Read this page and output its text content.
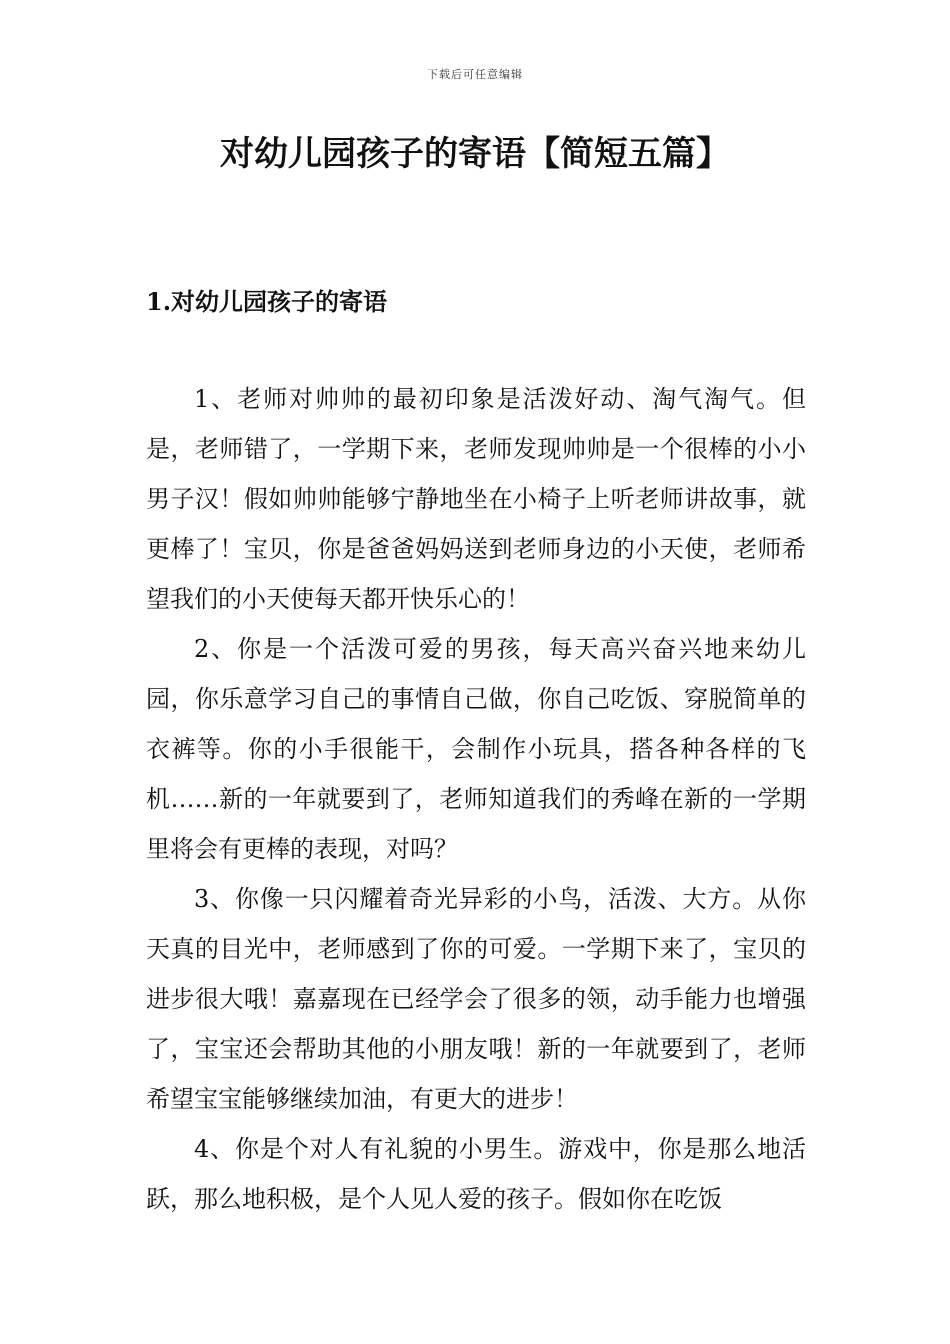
下载后可任意编辑
对幼儿园孩子的寄语【简短五篇】
1.对幼儿园孩子的寄语

1、老师对帅帅的最初印象是活泼好动、淘气淘气。但是，老师错了，一学期下来，老师发现帅帅是一个很棒的小小男子汉！假如帅帅能够宁静地坐在小椅子上听老师讲故事，就更棒了！宝贝，你是爸爸妈妈送到老师身边的小天使，老师希望我们的小天使每天都开快乐心的！

2、你是一个活泼可爱的男孩，每天高兴奋兴地来幼儿园，你乐意学习自己的事情自己做，你自己吃饭、穿脱简单的衣裤等。你的小手很能干，会制作小玩具，搭各种各样的飞机……新的一年就要到了，老师知道我们的秀峰在新的一学期里将会有更棒的表现，对吗？

3、你像一只闪耀着奇光异彩的小鸟，活泼、大方。从你天真的目光中，老师感到了你的可爱。一学期下来了，宝贝的进步很大哦！嘉嘉现在已经学会了很多的领，动手能力也增强了，宝宝还会帮助其他的小朋友哦！新的一年就要到了，老师希望宝宝能够继续加油，有更大的进步！

4、你是个对人有礼貌的小男生。游戏中，你是那么地活跃，那么地积极，是个人见人爱的孩子。假如你在吃饭
